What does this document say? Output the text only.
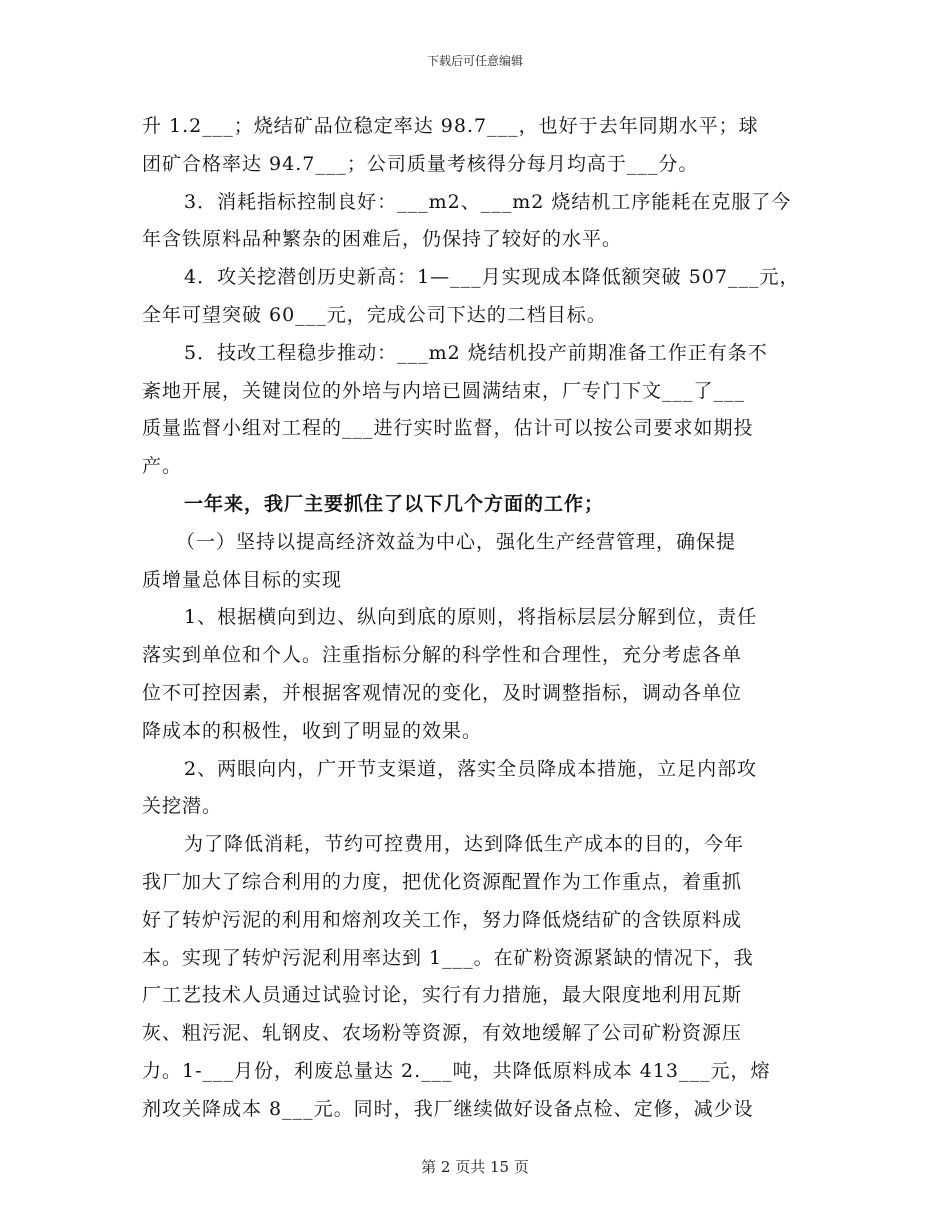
下载后可任意编辑
升 1.2___；烧结矿品位稳定率达 98.7___，也好于去年同期水平；球
团矿合格率达 94.7___；公司质量考核得分每月均高于___分。
3．消耗指标控制良好：___m2、___m2 烧结机工序能耗在克服了今
年含铁原料品种繁杂的困难后，仍保持了较好的水平。
4．攻关挖潜创历史新高：1—___月实现成本降低额突破 507___元，
全年可望突破 60___元，完成公司下达的二档目标。
5．技改工程稳步推动：___m2 烧结机投产前期准备工作正有条不
紊地开展，关键岗位的外培与内培已圆满结束，厂专门下文___了___
质量监督小组对工程的___进行实时监督，估计可以按公司要求如期投
产。
一年来，我厂主要抓住了以下几个方面的工作；
（一）坚持以提高经济效益为中心，强化生产经营管理，确保提
质增量总体目标的实现
1、根据横向到边、纵向到底的原则，将指标层层分解到位，责任
落实到单位和个人。注重指标分解的科学性和合理性，充分考虑各单
位不可控因素，并根据客观情况的变化，及时调整指标，调动各单位
降成本的积极性，收到了明显的效果。
2、两眼向内，广开节支渠道，落实全员降成本措施，立足内部攻
关挖潜。
为了降低消耗，节约可控费用，达到降低生产成本的目的，今年
我厂加大了综合利用的力度，把优化资源配置作为工作重点，着重抓
好了转炉污泥的利用和熔剂攻关工作，努力降低烧结矿的含铁原料成
本。实现了转炉污泥利用率达到 1___。在矿粉资源紧缺的情况下，我
厂工艺技术人员通过试验讨论，实行有力措施，最大限度地利用瓦斯
灰、粗污泥、轧钢皮、农场粉等资源，有效地缓解了公司矿粉资源压
力。1-___月份，利废总量达 2.___吨，共降低原料成本 413___元，熔
剂攻关降成本 8___元。同时，我厂继续做好设备点检、定修，减少设
第 2 页共 15 页
